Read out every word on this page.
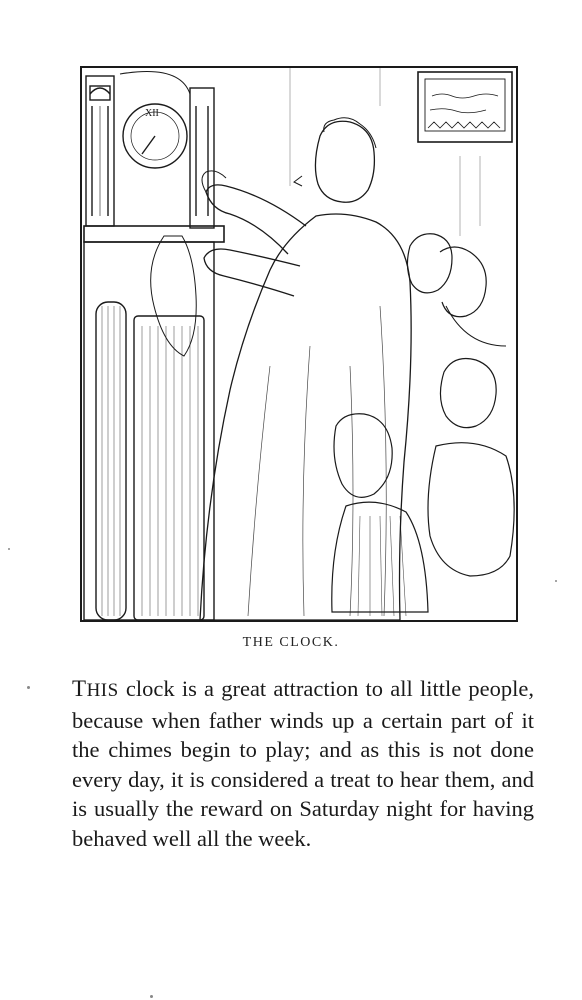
XII
THE CLOCK.
THIS clock is a great attraction to all little people, because when father winds up a certain part of it the chimes begin to play; and as this is not done every day, it is considered a treat to hear them, and is usually the reward on Saturday night for having behaved well all the week.
